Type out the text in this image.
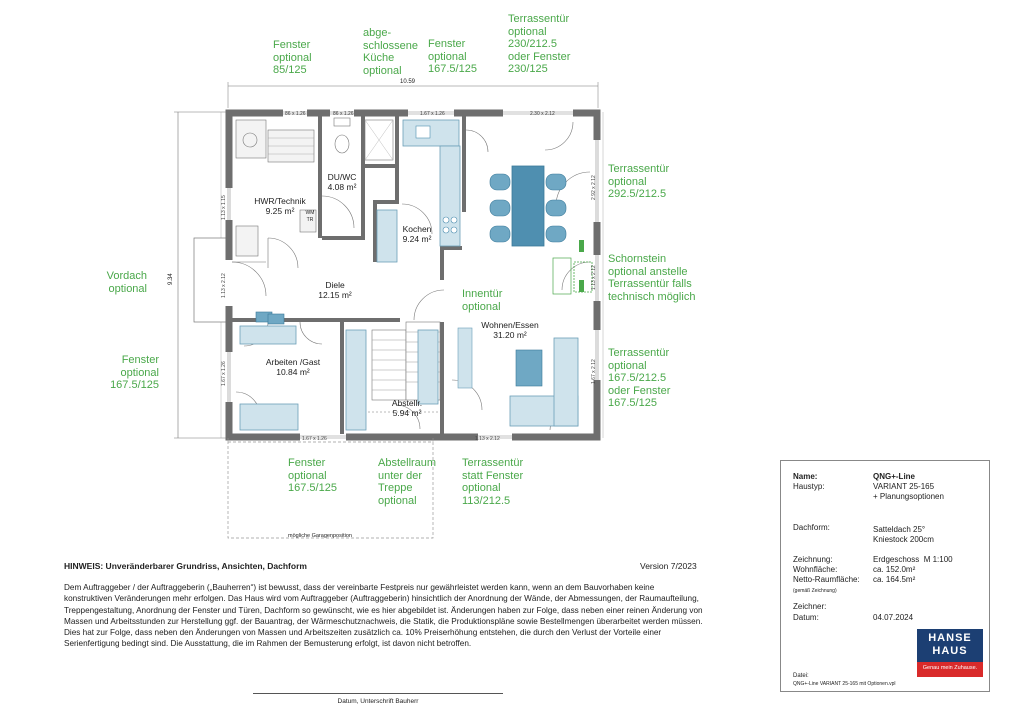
10.59
9.34
86 x 1.26	86 x 1.26	1.67 x 1.26	2.30 x 2.12
1.67 x 1.26	1.13 x 2.12
2.92 x 2.12
1.13 x 2.12
1.67 x 2.12
1.13 x 2.12
1.67 x 1.26
1.13 x 1.15	HWR/Technik
9.25 m²
DU/WC
4.08 m²
Kochen
9.24 m²
Diele
12.15 m²
Wohnen/Essen
31.20 m²
Arbeiten /Gast
10.84 m²
Abstellr.
5.94 m²
WM
TR
Fenster
optional
85/125
abge-
schlossene
Küche
optional
Fenster
optional
167.5/125
Terrassentür
optional
230/212.5
oder Fenster
230/125
Terrassentür
optional
292.5/212.5
Schornstein
optional anstelle
Terrassentür falls
technisch möglich
Terrassentür
optional
167.5/212.5
oder Fenster
167.5/125
Vordach
optional
Fenster
optional
167.5/125
Innentür
optional
Fenster
optional
167.5/125
Abstellraum
unter der
Treppe
optional
Terrassentür
statt Fenster
optional
113/212.5
mögliche Garagenposition
HINWEIS: Unveränderbarer Grundriss, Ansichten, Dachform	Version 7/2023
Dem Auftraggeber / der Auftraggeberin („Bauherren“) ist bewusst, dass der vereinbarte Festpreis nur gewährleistet werden kann, wenn an dem Bauvorhaben keine konstruktiven Veränderungen mehr erfolgen. Das Haus wird vom Auftraggeber (Auftraggeberin) hinsichtlich der Anordnung der Wände, der Abmessungen, der Raumaufteilung, Treppengestaltung, Anordnung der Fenster und Türen, Dachform so gewünscht, wie es hier abgebildet ist. Änderungen haben zur Folge, dass neben einer reinen Änderung von Massen und Arbeitsstunden zur Herstellung ggf. der Bauantrag, der Wärmeschutznachweis, die Statik, die Produktionspläne sowie Bestellmengen überarbeitet werden müssen. Dies hat zur Folge, dass neben den Änderungen von Massen und Arbeitszeiten zusätzlich ca. 10% Preiserhöhung entstehen, die durch den Verlust der Vorteile einer Serienfertigung bedingt sind. Die Ausstattung, die im Rahmen der Bemusterung erfolgt, ist davon nicht betroffen.
Datum, Unterschrift Bauherr
Name:	QNG+-Line
Haustyp:	VARIANT 25-165
+ Planungsoptionen
Dachform:	Satteldach 25°
Kniestock 200cm
Zeichnung:	Erdgeschoss  M 1:100
Wohnfläche:	ca. 152.0m²
Netto-Raumfläche: ca. 164.5m²
(gemäß Zeichnung)
Zeichner:
Datum:	04.07.2024
HANSE
HAUS
Genau mein Zuhause.
Datei:
QNG+-Line VARIANT 25-165 mit Optionen.vpl
